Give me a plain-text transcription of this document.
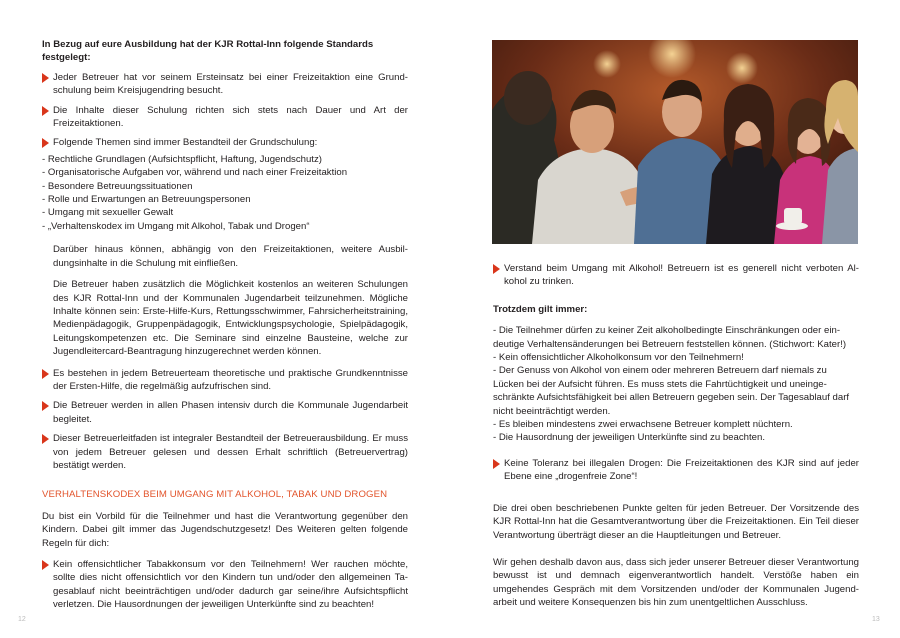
In Bezug auf eure Ausbildung hat der KJR Rottal-Inn folgende Standards festgelegt:

Jeder Betreuer hat vor seinem Ersteinsatz bei einer Freizeitaktion eine Grundschulung beim Kreisjugendring besucht.

Die Inhalte dieser Schulung richten sich stets nach Dauer und Art der Freizeitaktionen.

Folgende Themen sind immer Bestandteil der Grundschulung:

- Rechtliche Grundlagen (Aufsichtspflicht, Haftung, Jugendschutz)
- Organisatorische Aufgaben vor, während und nach einer Freizeitaktion
- Besondere Betreuungssituationen
- Rolle und Erwartungen an Betreuungspersonen
- Umgang mit sexueller Gewalt
- „Verhaltenskodex im Umgang mit Alkohol, Tabak und Drogen“

Darüber hinaus können, abhängig von den Freizeitaktionen, weitere Ausbildungsinhalte in die Schulung mit einfließen.

Die Betreuer haben zusätzlich die Möglichkeit kostenlos an weiteren Schulungen des KJR Rottal-Inn und der Kommunalen Jugendarbeit teilzunehmen. Mögliche Inhalte können sein: Erste-Hilfe-Kurs, Rettungsschwimmer, Fahrsicherheitstraining, Medienpädagogik, Gruppenpädagogik, Entwicklungspsychologie, Spielpädagogik, Leitungskompetenzen etc. Die Seminare sind einzelne Bausteine, welche zur Jugendleitercard-Beantragung hinzugerechnet werden können.

Es bestehen in jedem Betreuerteam theoretische und praktische Grundkenntnisse der Ersten-Hilfe, die regelmäßig aufzufrischen sind.

Die Betreuer werden in allen Phasen intensiv durch die Kommunale Jugendarbeit begleitet.

Dieser Betreuerleitfaden ist integraler Bestandteil der Betreuerausbildung. Er muss von jedem Betreuer gelesen und dessen Erhalt schriftlich (Betreuervertrag) bestätigt werden.

VERHALTENSKODEX BEIM UMGANG MIT ALKOHOL, TABAK UND DROGEN

Du bist ein Vorbild für die Teilnehmer und hast die Verantwortung gegenüber den Kindern. Dabei gilt immer das Jugendschutzgesetz! Des Weiteren gelten folgende Regeln für dich:

Kein offensichtlicher Tabakkonsum vor den Teilnehmern! Wer rauchen möchte, sollte dies nicht offensichtlich vor den Kindern tun und/oder den allgemeinen Tagesablauf nicht beeinträchtigen und/oder dadurch gar seine/ihre Aufsichtspflicht verletzen. Die Hausordnungen der jeweiligen Unterkünfte sind zu beachten!

12

Verstand beim Umgang mit Alkohol! Betreuern ist es generell nicht verboten Alkohol zu trinken.

Trotzdem gilt immer:

- Die Teilnehmer dürfen zu keiner Zeit alkoholbedingte Einschränkungen oder eindeutige Verhaltensänderungen bei Betreuern feststellen können. (Stichwort: Kater!)
- Kein offensichtlicher Alkoholkonsum vor den Teilnehmern!
- Der Genuss von Alkohol von einem oder mehreren Betreuern darf niemals zu Lücken bei der Aufsicht führen. Es muss stets die Fahrtüchtigkeit und uneingeschränkte Aufsichtsfähigkeit bei allen Betreuern gegeben sein. Der Tagesablauf darf nicht beeinträchtigt werden.
- Es bleiben mindestens zwei erwachsene Betreuer komplett nüchtern.
- Die Hausordnung der jeweiligen Unterkünfte sind zu beachten.

Keine Toleranz bei illegalen Drogen: Die Freizeitaktionen des KJR sind auf jeder Ebene eine „drogenfreie Zone“!

Die drei oben beschriebenen Punkte gelten für jeden Betreuer. Der Vorsitzende des KJR Rottal-Inn hat die Gesamtverantwortung über die Freizeitaktionen. Ein Teil dieser Verantwortung überträgt dieser an die Hauptleitungen und Betreuer.

Wir gehen deshalb davon aus, dass sich jeder unserer Betreuer dieser Verantwortung bewusst ist und demnach eigenverantwortlich handelt. Verstöße haben ein umgehendes Gespräch mit dem Vorsitzenden und/oder der Kommunalen Jugendarbeit und weitere Konsequenzen bis hin zum unentgeltlichen Ausschluss.

13
